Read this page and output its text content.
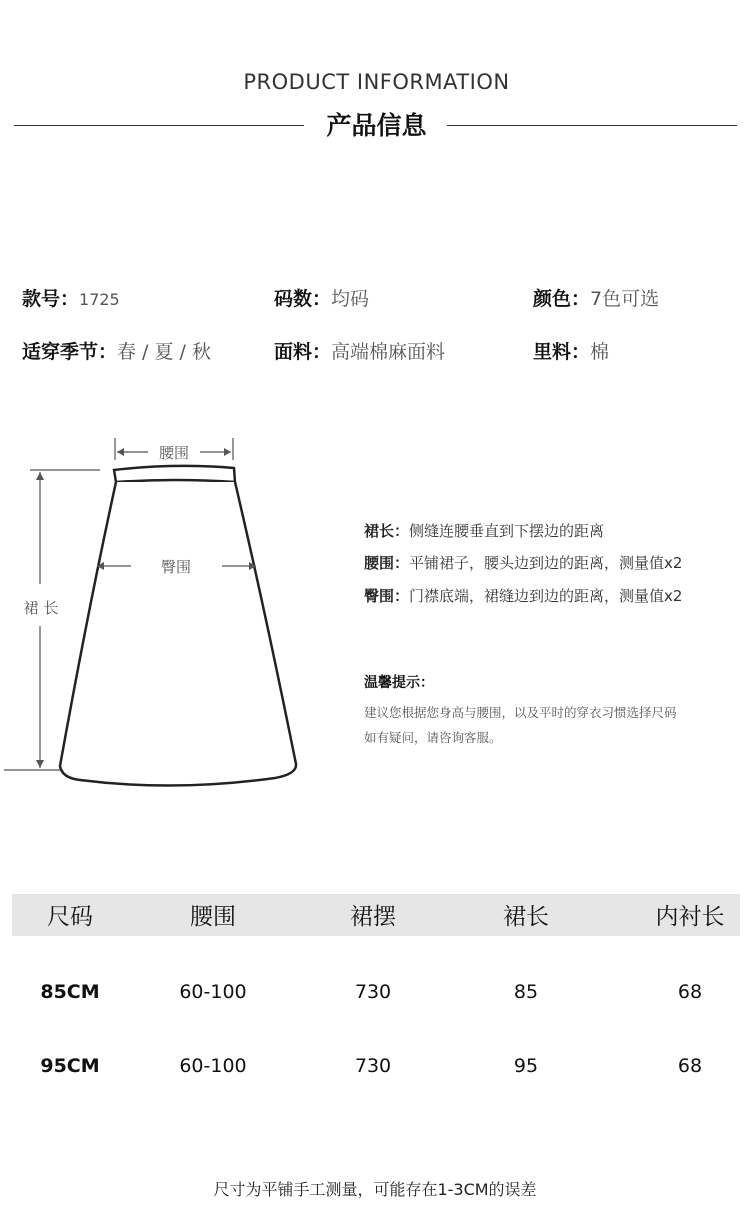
PRODUCT INFORMATION
产品信息
款号：1725	码数：均码	颜色：7色可选
适穿季节：春 / 夏 / 秋	面料：高端棉麻面料	里料：棉
腰围
臀围
裙 长
裙长：侧缝连腰垂直到下摆边的距离
腰围：平铺裙子，腰头边到边的距离，测量值x2
臀围：门襟底端，裙缝边到边的距离，测量值x2
温馨提示：
建议您根据您身高与腰围，以及平时的穿衣习惯选择尺码
如有疑问，请咨询客服。
尺码	腰围	裙摆	裙长	内衬长
85CM	60-100	730	85	68
95CM	60-100	730	95	68
尺寸为平铺手工测量，可能存在1-3CM的误差
